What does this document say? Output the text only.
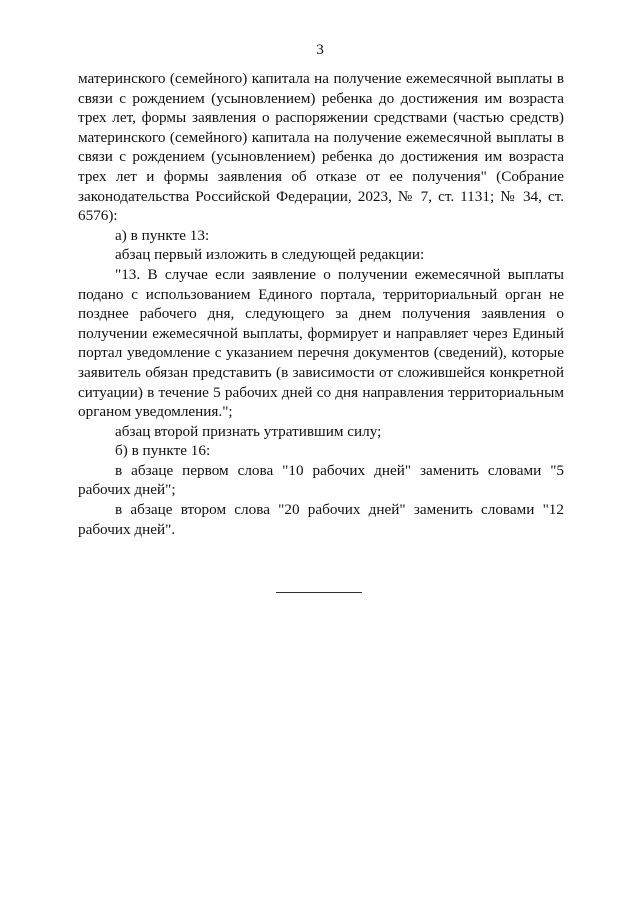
3

материнского (семейного) капитала на получение ежемесячной выплаты в связи с рождением (усыновлением) ребенка до достижения им возраста трех лет, формы заявления о распоряжении средствами (частью средств) материнского (семейного) капитала на получение ежемесячной выплаты в связи с рождением (усыновлением) ребенка до достижения им возраста трех лет и формы заявления об отказе от ее получения" (Собрание законодательства Российской Федерации, 2023, № 7, ст. 1131; № 34, ст. 6576):

а) в пункте 13:

абзац первый изложить в следующей редакции:

"13. В случае если заявление о получении ежемесячной выплаты подано с использованием Единого портала, территориальный орган не позднее рабочего дня, следующего за днем получения заявления о получении ежемесячной выплаты, формирует и направляет через Единый портал уведомление с указанием перечня документов (сведений), которые заявитель обязан представить (в зависимости от сложившейся конкретной ситуации) в течение 5 рабочих дней со дня направления территориальным органом уведомления.";

абзац второй признать утратившим силу;

б) в пункте 16:

в абзаце первом слова "10 рабочих дней" заменить словами "5 рабочих дней";

в абзаце втором слова "20 рабочих дней" заменить словами "12 рабочих дней".
